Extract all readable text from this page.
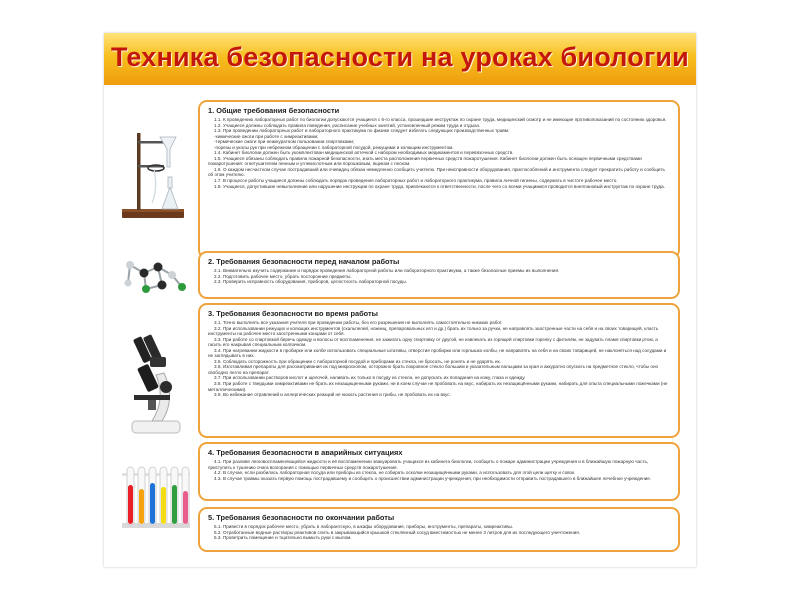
Техника безопасности на уроках биологии
1. Общие требования безопасности

1.1. К проведению лабораторных работ по биологии допускаются учащиеся с 6-го класса, прошедшие инструктаж по охране труда, медицинский осмотр и не имеющие противопоказаний по состоянию здоровья.

1.2. Учащиеся должны соблюдать правила поведения, расписание учебных занятий, установленный режим труда и отдыха.

1.3. При проведении лабораторных работ и лабораторного практикума по физике следует избегать следующих производственных травм:

-химические ожоги при работе с химреактивами;

-термические ожоги при неаккуратном пользовании спиртовками;

-порезы и уколы рук при небрежном обращении с лабораторной посудой, режущими и колющим инструментом.

1.4. Кабинет биологии должен быть укомплектован медицинской аптечкой с набором необходимых медикаментов и перевязочных средств.

1.5. Учащиеся обязаны соблюдать правила пожарной безопасности, знать места расположения первичных средств пожаротушения. Кабинет биологии должен быть оснащен первичными средствами пожаротушения: огнетушителем пенным и углекислотным или порошковым, ящиком с песком.

1.6. О каждом несчастном случае пострадавший или очевидец обязан немедленно сообщить учителю. При неисправности оборудования, приспособлений и инструмента следует прекратить работу и сообщить об этом учителю.

1.7. В процессе работы учащиеся должны соблюдать порядок проведения лабораторных работ и лабораторного практикума, правила личной гигиены, содержать в чистоте рабочее место.

1.8. Учащиеся, допустившие невыполнение или нарушение инструкции по охране труда, привлекаются к ответственности, после чего со всеми учащимися проводится внеплановый инструктаж по охране труда.

2. Требования безопасности перед началом работы

2.1. Внимательно изучить содержание и порядок проведения лабораторной работы или лабораторного практикума, а также безопасные приемы их выполнения.

2.2. Подготовить рабочее место, убрать посторонние предметы.

2.3. Проверить исправность оборудования, приборов, целостность лабораторной посуды.

3. Требования безопасности во время работы

3.1. Точно выполнять все указания учителя при проведении работы, без его разрешения не выполнять самостоятельно никаких работ.

3.2. При использовании режущих и колющих инструментов (скальпелей, ножниц, препаровальных игл и др.) брать их только за ручки, не направлять заостренные части на себя и на своих товарищей, класть инструменты на рабочее место заостренными концами от себя.

3.3. При работе со спиртовкой беречь одежду и волосы от воспламенения, не зажигать одну спиртовку от другой, не извлекать из горящей спиртовки горелку с фитилём, не задувать пламя спиртовки ртом, а гасить его накрывая специальным колпачком.

3.4. При нагревании жидкости в пробирке или колбе использовать специальные штативы, отверстие пробирки или горлышко колбы, не направлять на себя и на своих товарищей, не наклоняться над сосудами и не заглядывать в них.

3.5. Соблюдать осторожность при обращении с лабораторной посудой и приборами из стекла, не бросать, не ронять и не ударять их.

3.6. Изготавливая препараты для рассматривания их под микроскопом, осторожно брать покровное стекло большим и указательным пальцами за края и аккуратно опускать на предметное стекло, чтобы оно свободно легло на препарат.

3.7. При использовании растворов кислот и щелочей, наливать их только в посуду из стекла, не допускать их попадания на кожу, глаза и одежду.

3.8. При работе с твердыми химреактивами не брать их незащищенными руками, ни в коем случае не пробовать на вкус, набирать их незащищёнными руками, набирать для опыта специальными ложечками (не металлическими).

3.9. Во избежание отравлений и аллергических реакций не нюхать растения и грибы, не пробовать их на вкус.

4. Требования безопасности в аварийных ситуациях

4.1. При разливе легковоспламеняющейся жидкости и её воспламенении эвакуировать учащихся из кабинета биологии, сообщить о пожаре администрации учреждения и в ближайшую пожарную часть, приступить к тушению очага возгорания с помощью первичных средств пожаротушения.

4.2. В случае, если разбилась лабораторная посуда или приборы из стекла, не собирать осколки незащищёнными руками, а использовать для этой цели щетку и совок.

4.3. В случае травмы оказать первую помощь пострадавшему и сообщить о происшествии администрации учреждения, при необходимости отправить пострадавшего в ближайшее лечебное учреждение.

5. Требования безопасности по окончании работы

5.1. Привести в порядок рабочее место, убрать в лаборантскую, в шкафы оборудование, приборы, инструменты, препараты, химреактивы.

5.2. Отработанные водные растворы реактивов слить в закрывающийся крышкой стеклянный сосуд вместимостью не менее 3 литров для их последующего уничтожения.

5.3. Проветрить помещение и тщательно вымыть руки с мылом.
